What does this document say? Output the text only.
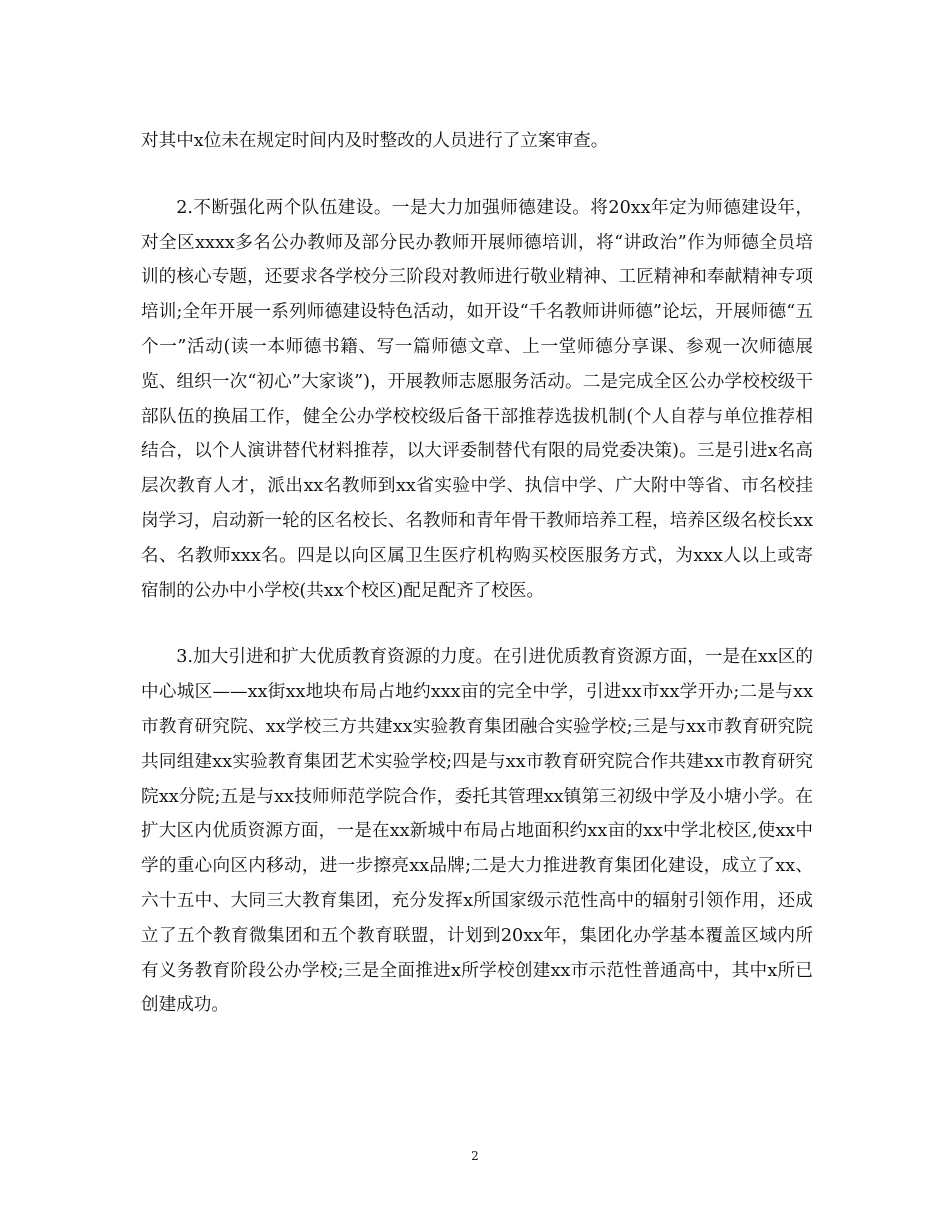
对其中x位未在规定时间内及时整改的人员进行了立案审查。

2.不断强化两个队伍建设。一是大力加强师德建设。将20xx年定为师德建设年，对全区xxxx多名公办教师及部分民办教师开展师德培训，将“讲政治”作为师德全员培训的核心专题，还要求各学校分三阶段对教师进行敬业精神、工匠精神和奉献精神专项培训;全年开展一系列师德建设特色活动，如开设“千名教师讲师德”论坛，开展师德“五个一”活动(读一本师德书籍、写一篇师德文章、上一堂师德分享课、参观一次师德展览、组织一次“初心”大家谈”)，开展教师志愿服务活动。二是完成全区公办学校校级干部队伍的换届工作，健全公办学校校级后备干部推荐选拔机制(个人自荐与单位推荐相结合，以个人演讲替代材料推荐，以大评委制替代有限的局党委决策)。三是引进x名高层次教育人才，派出xx名教师到xx省实验中学、执信中学、广大附中等省、市名校挂岗学习，启动新一轮的区名校长、名教师和青年骨干教师培养工程，培养区级名校长xx名、名教师xxx名。四是以向区属卫生医疗机构购买校医服务方式，为xxx人以上或寄宿制的公办中小学校(共xx个校区)配足配齐了校医。

3.加大引进和扩大优质教育资源的力度。在引进优质教育资源方面，一是在xx区的中心城区——xx街xx地块布局占地约xxx亩的完全中学，引进xx市xx学开办;二是与xx市教育研究院、xx学校三方共建xx实验教育集团融合实验学校;三是与xx市教育研究院共同组建xx实验教育集团艺术实验学校;四是与xx市教育研究院合作共建xx市教育研究院xx分院;五是与xx技师师范学院合作，委托其管理xx镇第三初级中学及小塘小学。在扩大区内优质资源方面，一是在xx新城中布局占地面积约xx亩的xx中学北校区,使xx中学的重心向区内移动，进一步擦亮xx品牌;二是大力推进教育集团化建设，成立了xx、六十五中、大同三大教育集团，充分发挥x所国家级示范性高中的辐射引领作用，还成立了五个教育微集团和五个教育联盟，计划到20xx年，集团化办学基本覆盖区域内所有义务教育阶段公办学校;三是全面推进x所学校创建xx市示范性普通高中，其中x所已创建成功。

2
